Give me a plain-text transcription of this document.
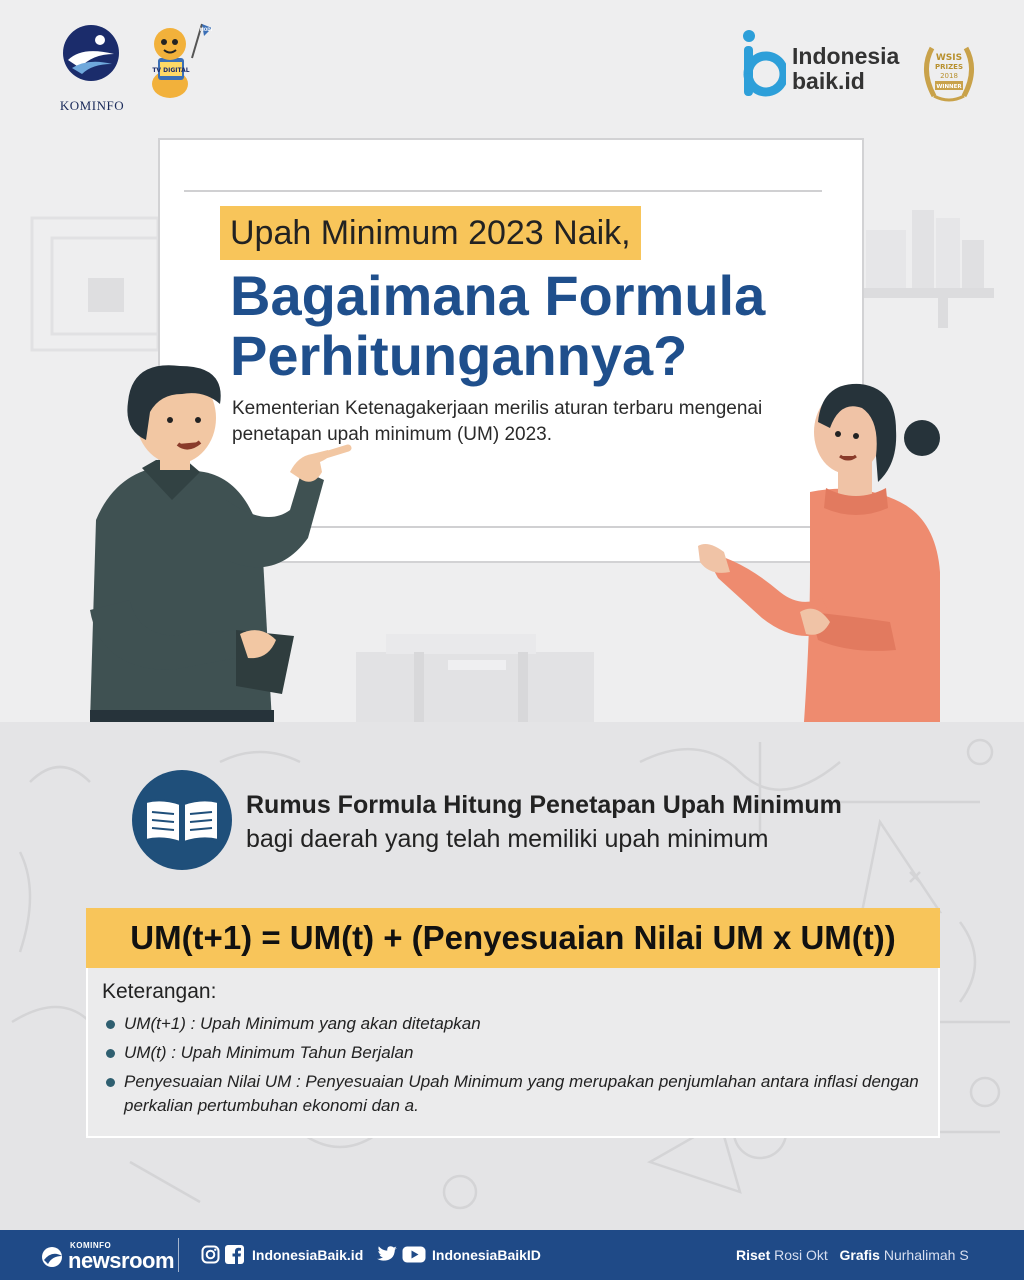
KOMINFO
TV DIGITAL
MODI
Indonesia
baik.id
WSIS
PRIZES
2018
WINNER
Upah Minimum 2023 Naik,
Bagaimana Formula Perhitungannya?
Kementerian Ketenagakerjaan merilis aturan terbaru mengenai penetapan upah minimum (UM) 2023.
Rumus Formula Hitung Penetapan Upah Minimum
bagi daerah yang telah memiliki upah minimum
UM(t+1) = UM(t) + (Penyesuaian Nilai UM x UM(t))
Keterangan:
UM(t+1) : Upah Minimum yang akan ditetapkan
UM(t) : Upah Minimum Tahun Berjalan
Penyesuaian Nilai UM : Penyesuaian Upah Minimum yang merupakan penjumlahan antara inflasi dengan perkalian pertumbuhan ekonomi dan a.
KOMINFO
newsroom	IndonesiaBaik.id	IndonesiaBaikID	Riset Rosi Okt Grafis Nurhalimah S
